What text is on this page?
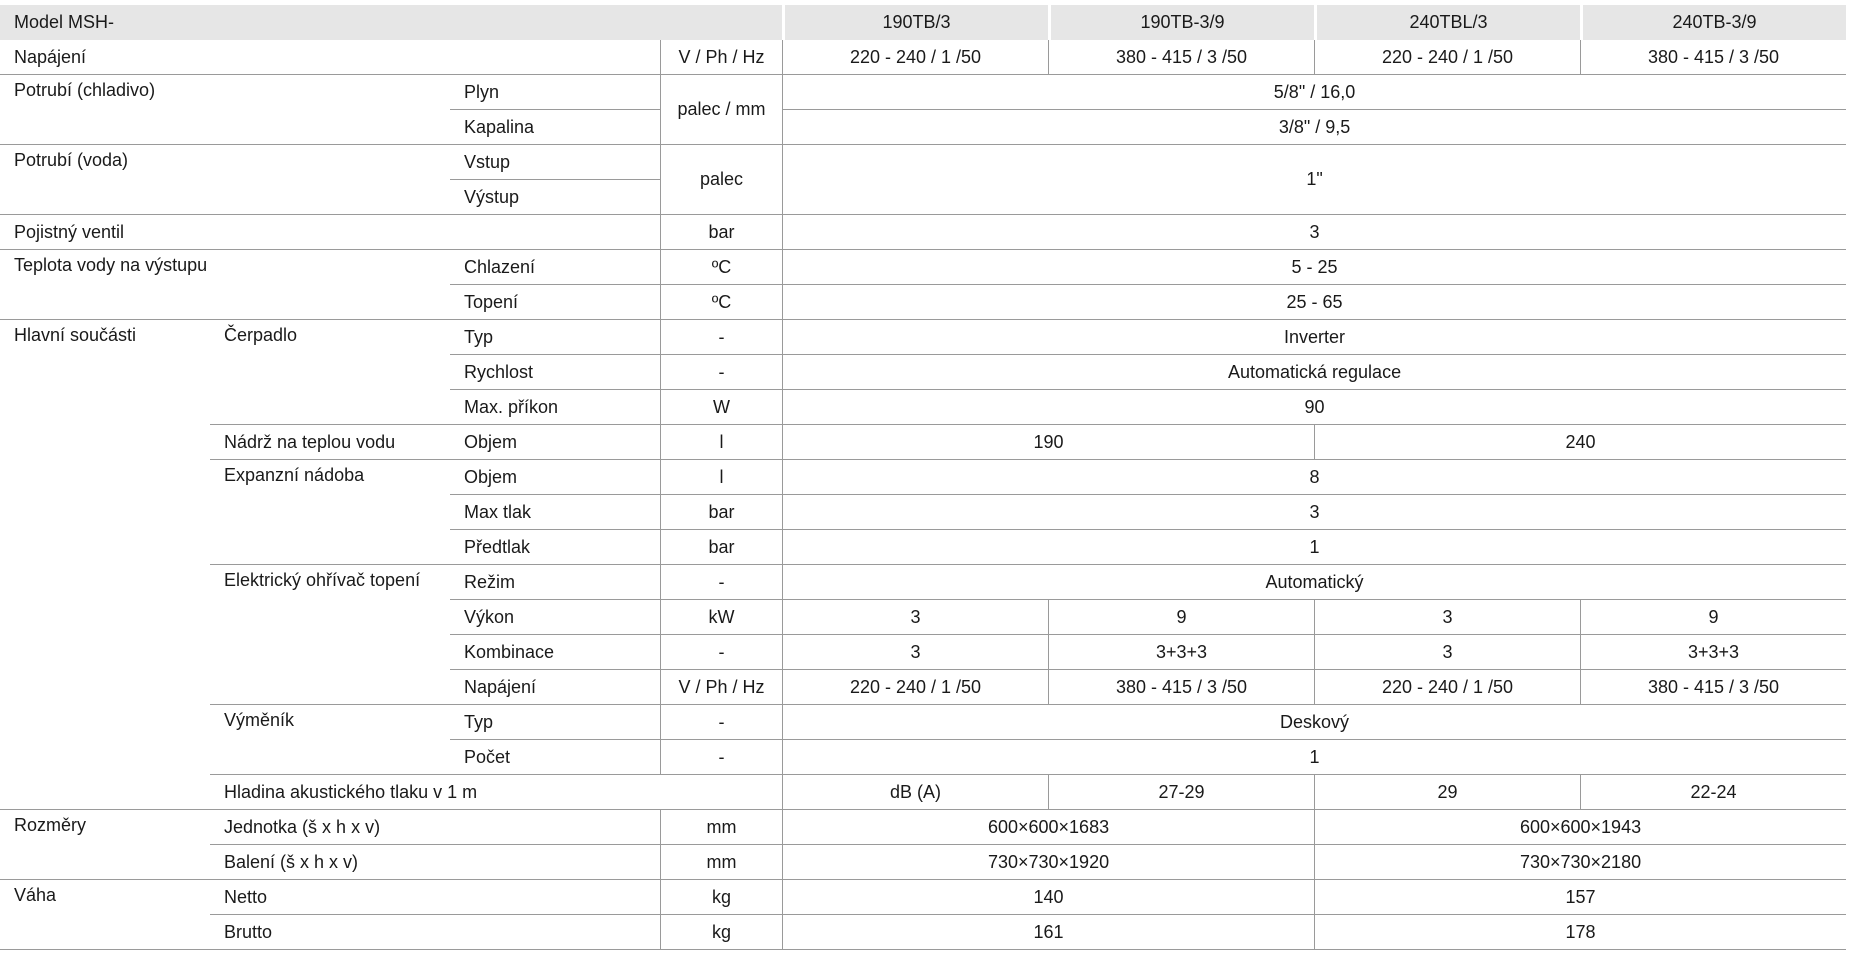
Model MSH-				190TB/3	190TB-3/9	240TBL/3	240TB-3/9	
Napájení			V / Ph / Hz	220 - 240 / 1 /50	380 - 415 / 3 /50	220 - 240 / 1 /50	380 - 415 / 3 /50	
Potrubí (chladivo)		Plyn	palec / mm	5/8" / 16,0				
		Kapalina		3/8" / 9,5				
Potrubí (voda)		Vstup	palec	1"				
		Výstup						
Pojistný ventil			bar	3				
Teplota vody na výstupu		Chlazení	ºC	5 - 25				
		Topení	ºC	25 - 65				
Hlavní součásti	Čerpadlo	Typ	-	Inverter				
		Rychlost	-	Automatická regulace				
		Max. příkon	W	90				
	Nádrž na teplou vodu	Objem	l	190		240		
	Expanzní nádoba	Objem	l	8				
		Max tlak	bar	3				
		Předtlak	bar	1				
	Elektrický ohřívač topení	Režim	-	Automatický				
		Výkon	kW	3	9	3	9	
		Kombinace	-	3	3+3+3	3	3+3+3	
		Napájení	V / Ph / Hz	220 - 240 / 1 /50	380 - 415 / 3 /50	220 - 240 / 1 /50	380 - 415 / 3 /50	
	Výměník	Typ	-	Deskový				
		Počet	-	1				
	Hladina akustického tlaku v 1 m			dB (A)	27-29	29	22-24	
Rozměry	Jednotka (š x h x v)		mm	600×600×1683		600×600×1943		
	Balení (š x h x v)		mm	730×730×1920		730×730×2180		
Váha	Netto		kg	140		157		
	Brutto		kg	161		178		
